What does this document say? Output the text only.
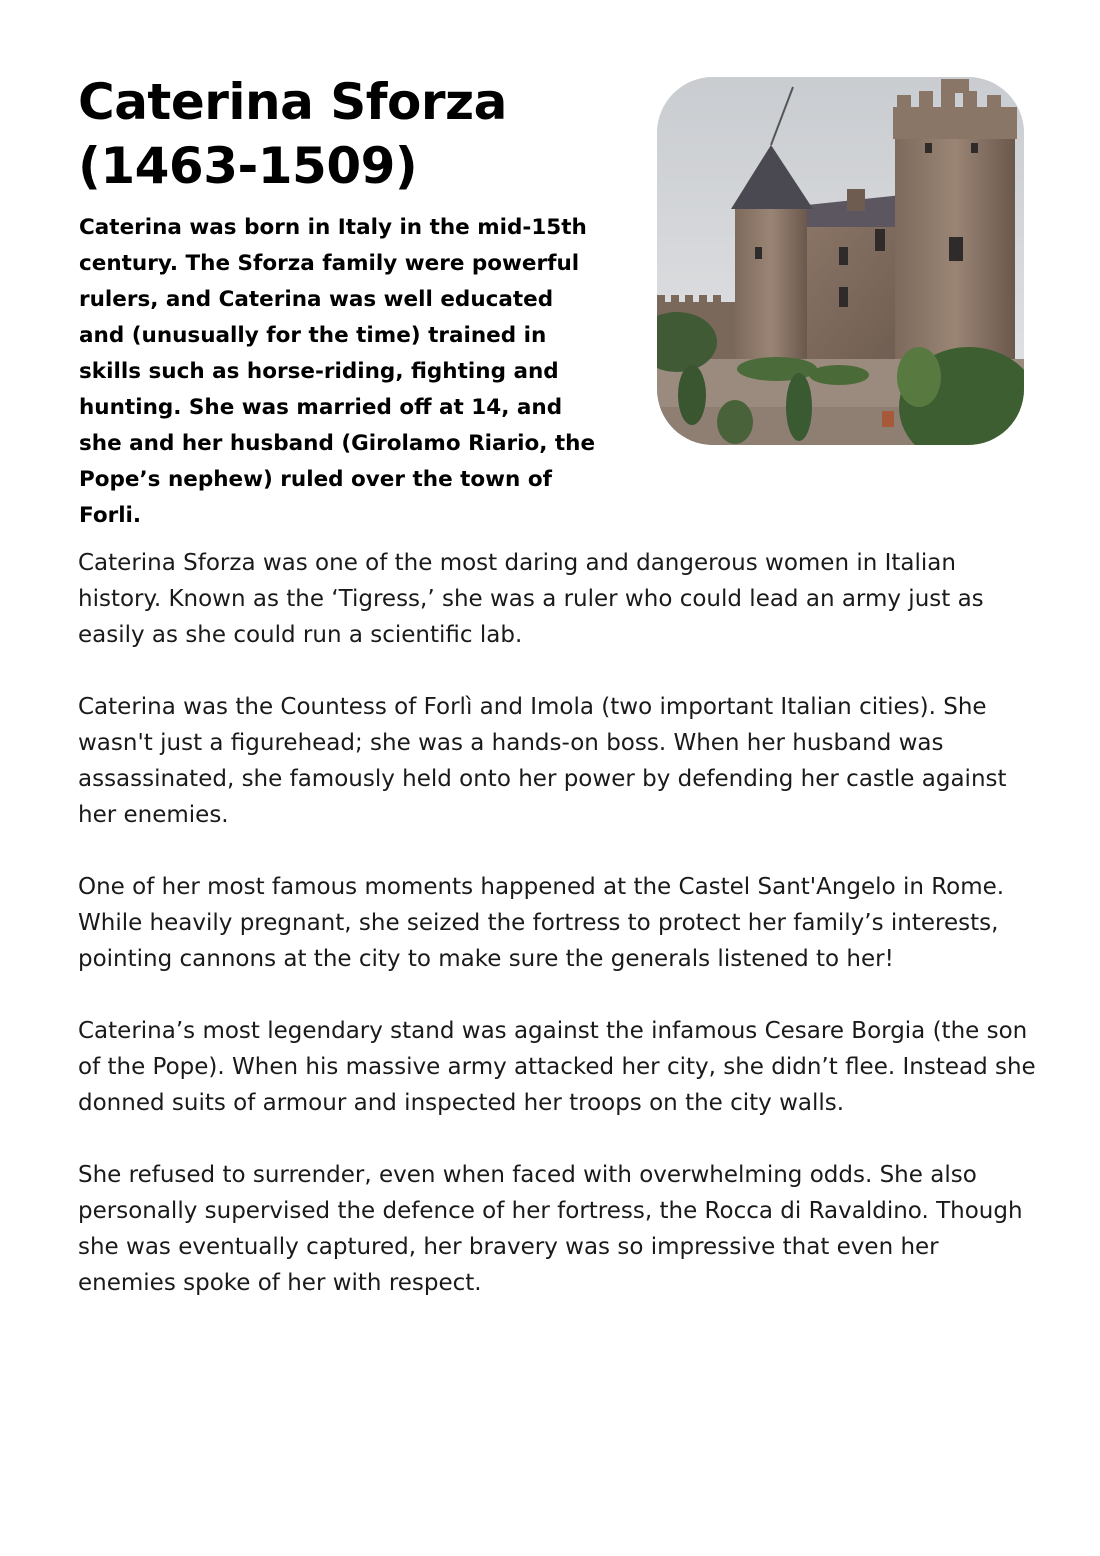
Caterina Sforza
(1463-1509)

Caterina was born in Italy in the mid-15th century. The Sforza family were powerful rulers, and Caterina was well educated and (unusually for the time) trained in skills such as horse-riding, fighting and hunting. She was married off at 14, and she and her husband (Girolamo Riario, the Pope’s nephew) ruled over the town of Forli.

Caterina Sforza was one of the most daring and dangerous women in Italian history. Known as the ‘Tigress,’ she was a ruler who could lead an army just as easily as she could run a scientific lab.

Caterina was the Countess of Forlì and Imola (two important Italian cities). She wasn't just a figurehead; she was a hands-on boss. When her husband was assassinated, she famously held onto her power by defending her castle against her enemies.

One of her most famous moments happened at the Castel Sant'Angelo in Rome. While heavily pregnant, she seized the fortress to protect her family’s interests, pointing cannons at the city to make sure the generals listened to her!

Caterina’s most legendary stand was against the infamous Cesare Borgia (the son of the Pope). When his massive army attacked her city, she didn’t flee. Instead she donned suits of armour and inspected her troops on the city walls.

She refused to surrender, even when faced with overwhelming odds. She also personally supervised the defence of her fortress, the Rocca di Ravaldino. Though she was eventually captured, her bravery was so impressive that even her enemies spoke of her with respect.
